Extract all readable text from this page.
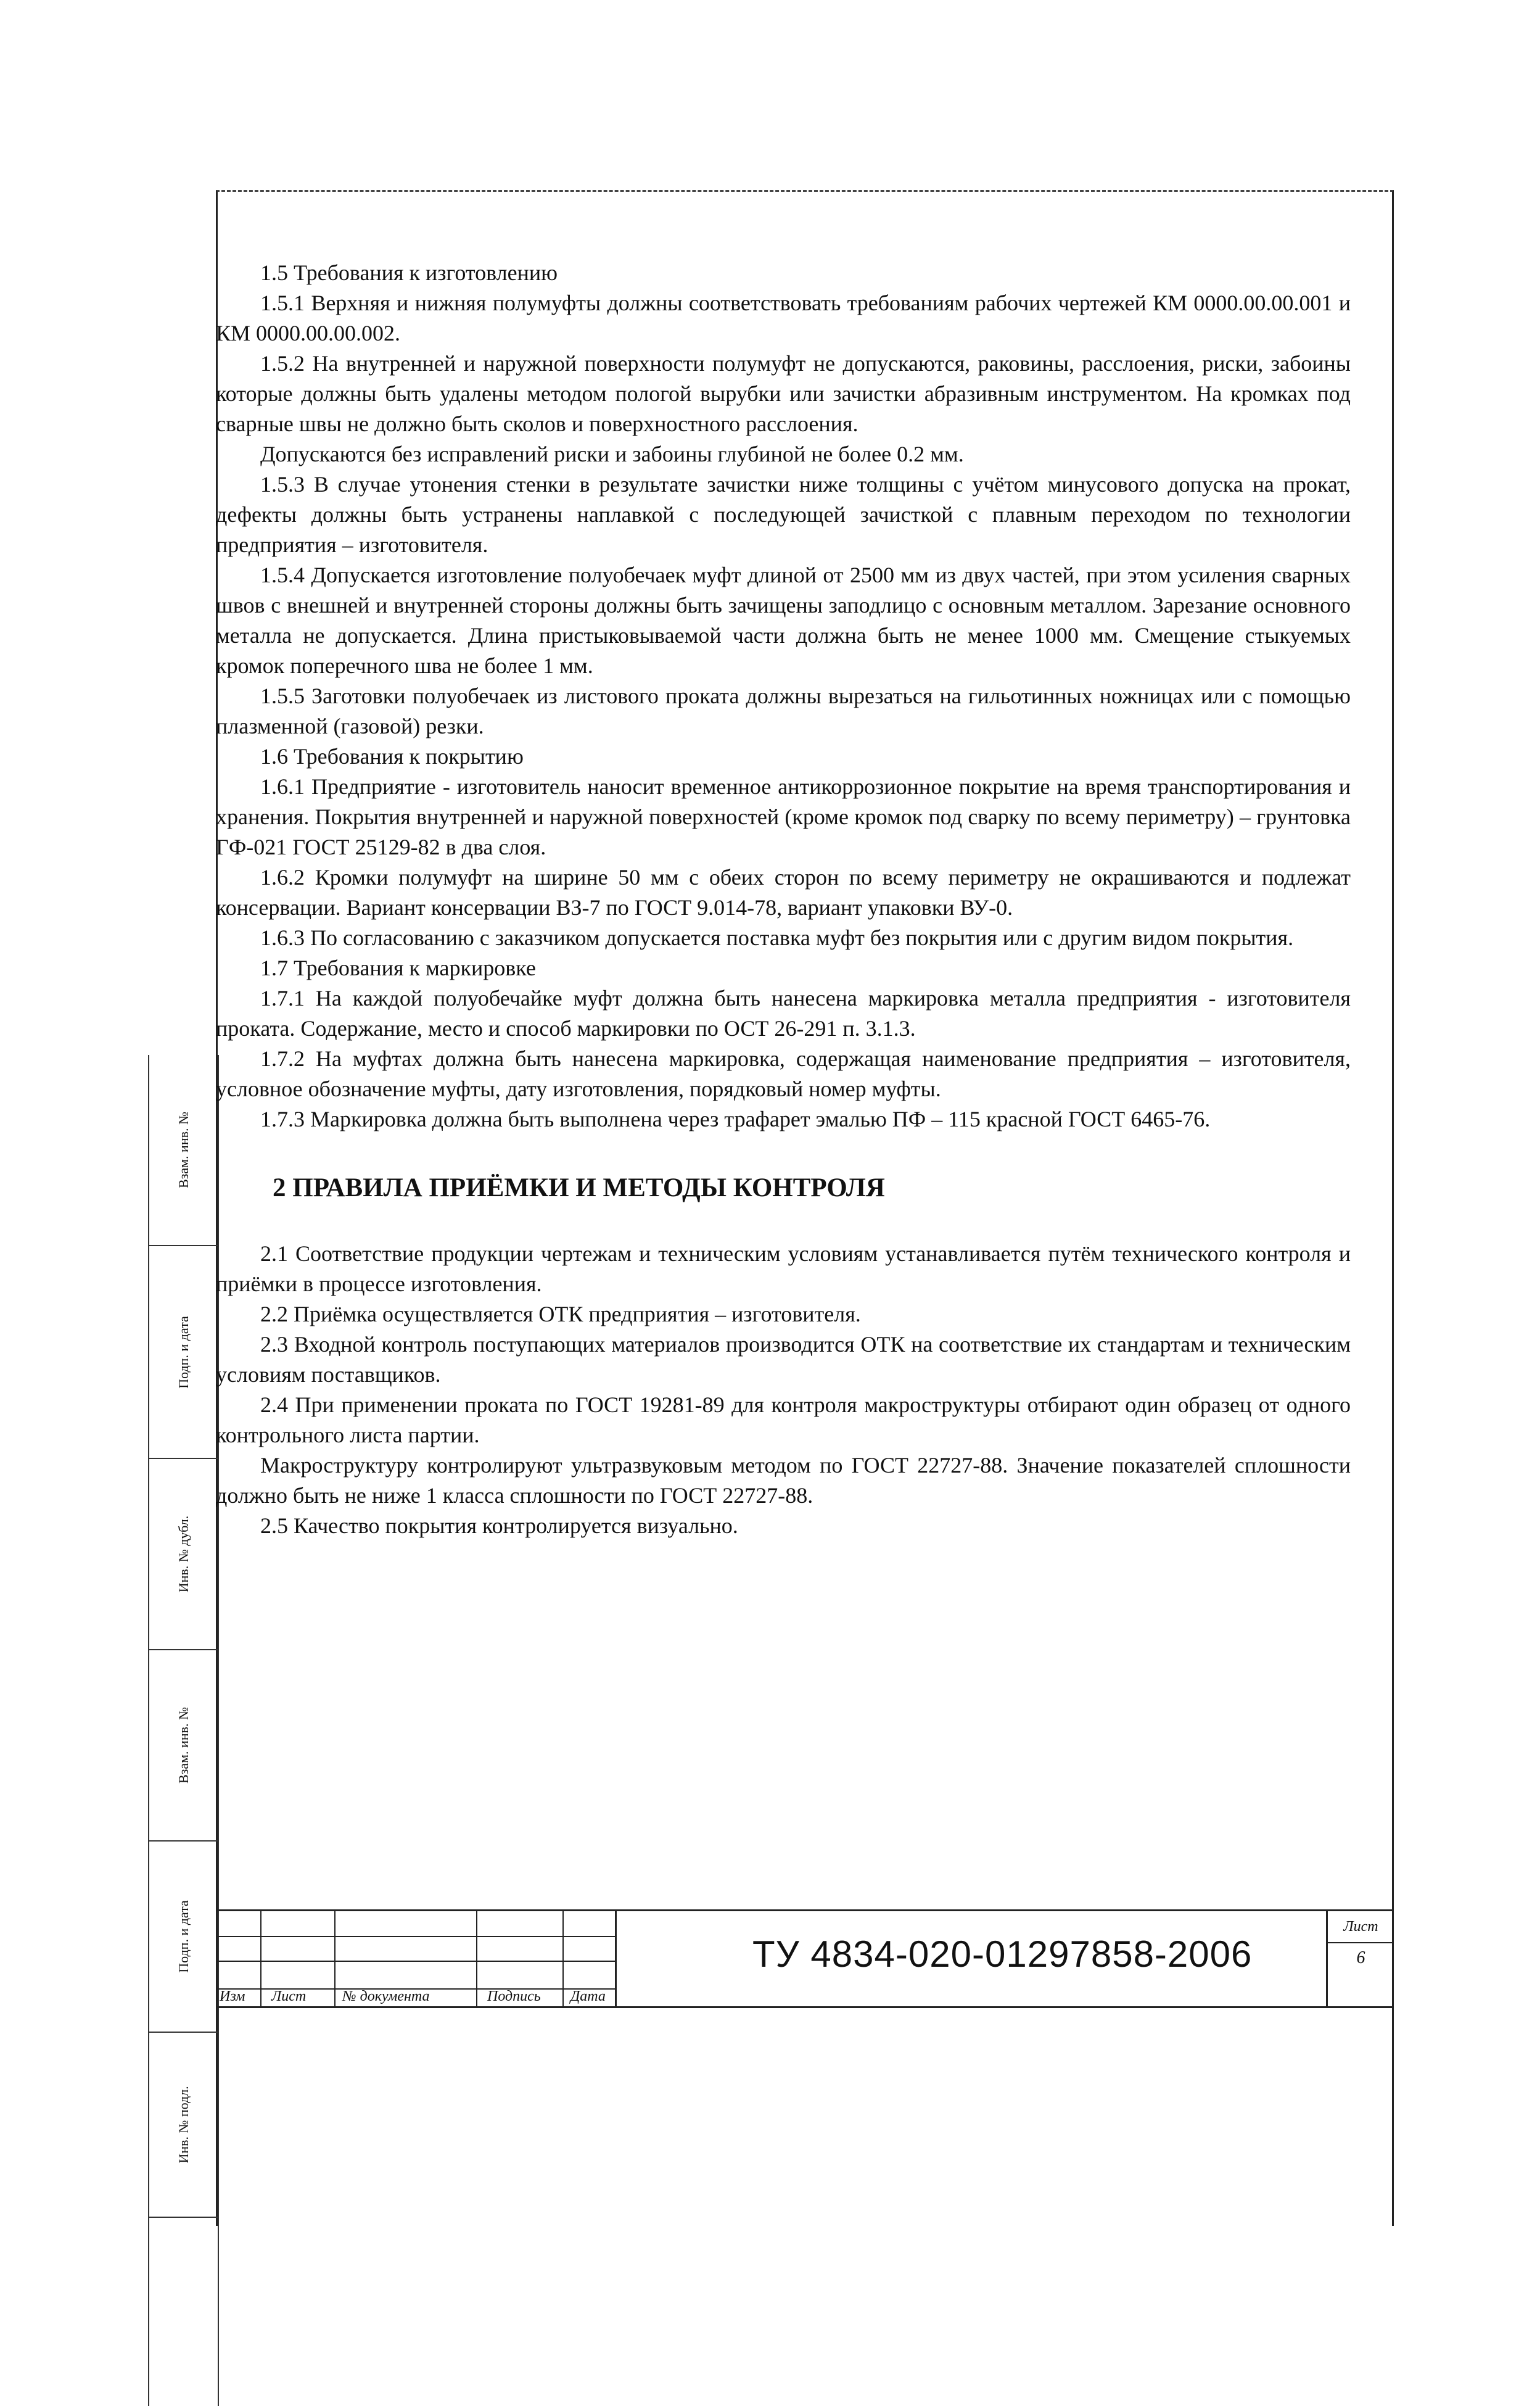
Взам. инв. №
Подп. и дата
Инв. № дубл.
Взам. инв. №
Подп. и дата
Инв. № подл.

1.5 Требования к изготовлению

1.5.1 Верхняя и нижняя полумуфты должны соответствовать требованиям рабочих чертежей КМ 0000.00.00.001 и КМ 0000.00.00.002.

1.5.2 На внутренней и наружной поверхности полумуфт не допускаются, раковины, расслоения, риски, забоины которые должны быть удалены методом пологой вырубки или зачистки абразивным инструментом. На кромках под сварные швы не должно быть сколов и поверхностного расслоения.

Допускаются без исправлений риски и забоины глубиной не более 0.2 мм.

1.5.3 В случае утонения стенки в результате зачистки ниже толщины с учётом минусового допуска на прокат, дефекты должны быть устранены наплавкой с последующей зачисткой с плавным переходом по технологии предприятия – изготовителя.

1.5.4 Допускается изготовление полуобечаек муфт длиной от 2500 мм из двух частей, при этом усиления сварных швов с внешней и внутренней стороны должны быть зачищены заподлицо с основным металлом. Зарезание основного металла не допускается. Длина пристыковываемой части должна быть не менее 1000 мм. Смещение стыкуемых кромок поперечного шва не более 1 мм.

1.5.5 Заготовки полуобечаек из листового проката должны вырезаться на гильотинных ножницах или с помощью плазменной (газовой) резки.

1.6 Требования к покрытию

1.6.1 Предприятие - изготовитель наносит временное антикоррозионное покрытие на время транспортирования и хранения. Покрытия внутренней и наружной поверхностей (кроме кромок под сварку по всему периметру) – грунтовка ГФ-021 ГОСТ 25129-82 в два слоя.

1.6.2 Кромки полумуфт на ширине 50 мм с обеих сторон по всему периметру не окрашиваются и подлежат консервации. Вариант консервации ВЗ-7 по ГОСТ 9.014-78, вариант упаковки ВУ-0.

1.6.3 По согласованию с заказчиком допускается поставка муфт без покрытия или с другим видом покрытия.

1.7 Требования к маркировке

1.7.1 На каждой полуобечайке муфт должна быть нанесена маркировка металла предприятия - изготовителя проката. Содержание, место и способ маркировки по ОСТ 26-291 п. 3.1.3.

1.7.2 На муфтах должна быть нанесена маркировка, содержащая наименование предприятия – изготовителя, условное обозначение муфты, дату изготовления, порядковый номер муфты.

1.7.3 Маркировка должна быть выполнена через трафарет эмалью ПФ – 115 красной ГОСТ 6465-76.

2 ПРАВИЛА ПРИЁМКИ И МЕТОДЫ КОНТРОЛЯ

2.1 Соответствие продукции чертежам и техническим условиям устанавливается путём технического контроля и приёмки в процессе изготовления.

2.2 Приёмка осуществляется ОТК предприятия – изготовителя.

2.3 Входной контроль поступающих материалов производится ОТК на соответствие их стандартам и техническим условиям поставщиков.

2.4 При применении проката по ГОСТ 19281-89 для контроля макроструктуры отбирают один образец от одного контрольного листа партии.

Макроструктуру контролируют ультразвуковым методом по ГОСТ 22727-88. Значение показателей сплошности должно быть не ниже 1 класса сплошности по ГОСТ 22727-88.

2.5 Качество покрытия контролируется визуально.

Изм Лист № докумeнта	Подпись Дата
ТУ 4834-020-01297858-2006
Лист
6
